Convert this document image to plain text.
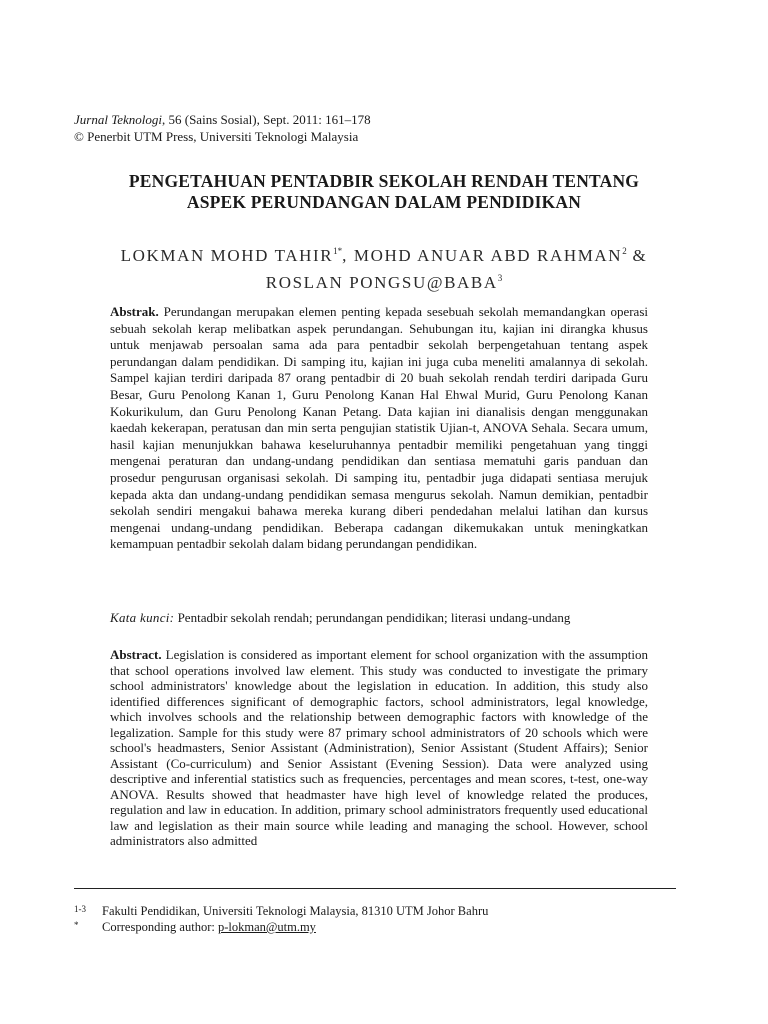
Jurnal Teknologi, 56 (Sains Sosial), Sept. 2011: 161–178
© Penerbit UTM Press, Universiti Teknologi Malaysia
PENGETAHUAN PENTADBIR SEKOLAH RENDAH TENTANG
ASPEK PERUNDANGAN DALAM PENDIDIKAN
LOKMAN MOHD $TAHIR^{1*}$, MOHD ANUAR ABD RAHMAN$^2$ &
ROSLAN PONGSU@BABA$^3$
Abstrak. Perundangan merupakan elemen penting kepada sesebuah sekolah memandangkan operasi sebuah sekolah kerap melibatkan aspek perundangan. Sehubungan itu, kajian ini dirangka khusus untuk menjawab persoalan sama ada para pentadbir sekolah berpengetahuan tentang aspek perundangan dalam pendidikan. Di samping itu, kajian ini juga cuba meneliti amalannya di sekolah. Sampel kajian terdiri daripada 87 orang pentadbir di 20 buah sekolah rendah terdiri daripada Guru Besar, Guru Penolong Kanan 1, Guru Penolong Kanan Hal Ehwal Murid, Guru Penolong Kanan Kokurikulum, dan Guru Penolong Kanan Petang. Data kajian ini dianalisis dengan menggunakan kaedah kekerapan, peratusan dan min serta pengujian statistik Ujian-t, ANOVA Sehala. Secara umum, hasil kajian menunjukkan bahawa keseluruhannya pentadbir memiliki pengetahuan yang tinggi mengenai peraturan dan undang-undang pendidikan dan sentiasa mematuhi garis panduan dan prosedur pengurusan organisasi sekolah. Di samping itu, pentadbir juga didapati sentiasa merujuk kepada akta dan undang-undang pendidikan semasa mengurus sekolah. Namun demikian, pentadbir sekolah sendiri mengakui bahawa mereka kurang diberi pendedahan melalui latihan dan kursus mengenai undang-undang pendidikan. Beberapa cadangan dikemukakan untuk meningkatkan kemampuan pentadbir sekolah dalam bidang perundangan pendidikan.
Kata kunci: Pentadbir sekolah rendah; perundangan pendidikan; literasi undang-undang
Abstract. Legislation is considered as important element for school organization with the assumption that school operations involved law element. This study was conducted to investigate the primary school administrators' knowledge about the legislation in education. In addition, this study also identified differences significant of demographic factors, school administrators, legal knowledge, which involves schools and the relationship between demographic factors with knowledge of the legalization. Sample for this study were 87 primary school administrators of 20 schools which were school's headmasters, Senior Assistant (Administration), Senior Assistant (Student Affairs); Senior Assistant (Co-curriculum) and Senior Assistant (Evening Session). Data were analyzed using descriptive and inferential statistics such as frequencies, percentages and mean scores, t-test, one-way ANOVA. Results showed that headmaster have high level of knowledge related the produces, regulation and law in education. In addition, primary school administrators frequently used educational law and legislation as their main source while leading and managing the school. However, school administrators also admitted
1-3 Fakulti Pendidikan, Universiti Teknologi Malaysia, 81310 UTM Johor Bahru
* Corresponding author: p-lokman@utm.my
